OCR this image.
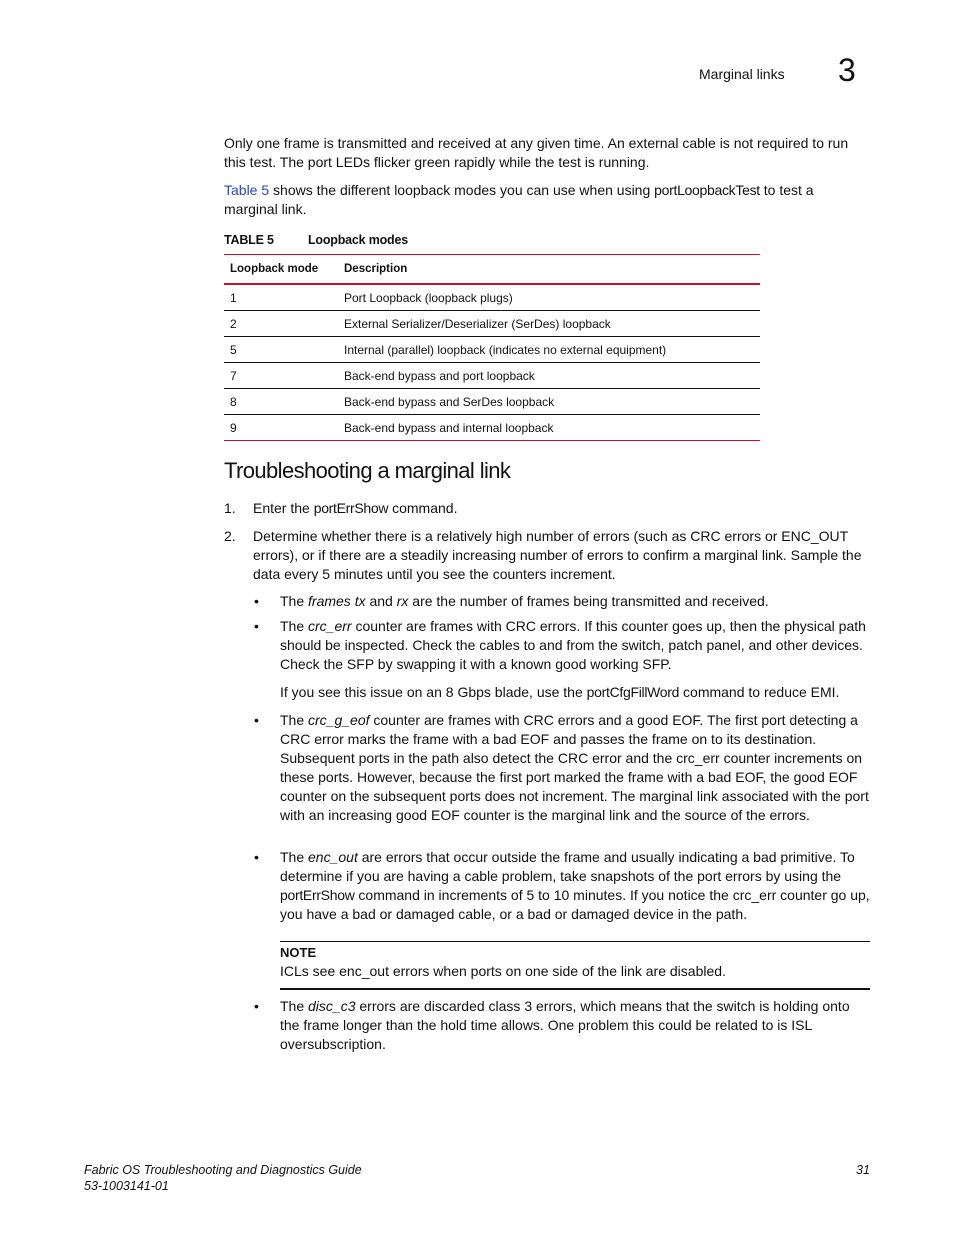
Marginal links 3
Only one frame is transmitted and received at any given time. An external cable is not required to run this test. The port LEDs flicker green rapidly while the test is running.
Table 5 shows the different loopback modes you can use when using portLoopbackTest to test a marginal link.
TABLE 5	Loopback modes
Loopback mode	Description
1	Port Loopback (loopback plugs)
2	External Serializer/Deserializer (SerDes) loopback
5	Internal (parallel) loopback (indicates no external equipment)
7	Back-end bypass and port loopback
8	Back-end bypass and SerDes loopback
9	Back-end bypass and internal loopback
Troubleshooting a marginal link
1. Enter the portErrShow command.
2. Determine whether there is a relatively high number of errors (such as CRC errors or ENC_OUT errors), or if there are a steadily increasing number of errors to confirm a marginal link. Sample the data every 5 minutes until you see the counters increment.
• The frames tx and rx are the number of frames being transmitted and received.
• The crc_err counter are frames with CRC errors. If this counter goes up, then the physical path should be inspected. Check the cables to and from the switch, patch panel, and other devices. Check the SFP by swapping it with a known good working SFP.
If you see this issue on an 8 Gbps blade, use the portCfgFillWord command to reduce EMI.
• The crc_g_eof counter are frames with CRC errors and a good EOF. The first port detecting a CRC error marks the frame with a bad EOF and passes the frame on to its destination. Subsequent ports in the path also detect the CRC error and the crc_err counter increments on these ports. However, because the first port marked the frame with a bad EOF, the good EOF counter on the subsequent ports does not increment. The marginal link associated with the port with an increasing good EOF counter is the marginal link and the source of the errors.
• The enc_out are errors that occur outside the frame and usually indicating a bad primitive. To determine if you are having a cable problem, take snapshots of the port errors by using the portErrShow command in increments of 5 to 10 minutes. If you notice the crc_err counter go up, you have a bad or damaged cable, or a bad or damaged device in the path.
NOTE
ICLs see enc_out errors when ports on one side of the link are disabled.
• The disc_c3 errors are discarded class 3 errors, which means that the switch is holding onto the frame longer than the hold time allows. One problem this could be related to is ISL oversubscription.
Fabric OS Troubleshooting and Diagnostics Guide
53-1003141-01
31
